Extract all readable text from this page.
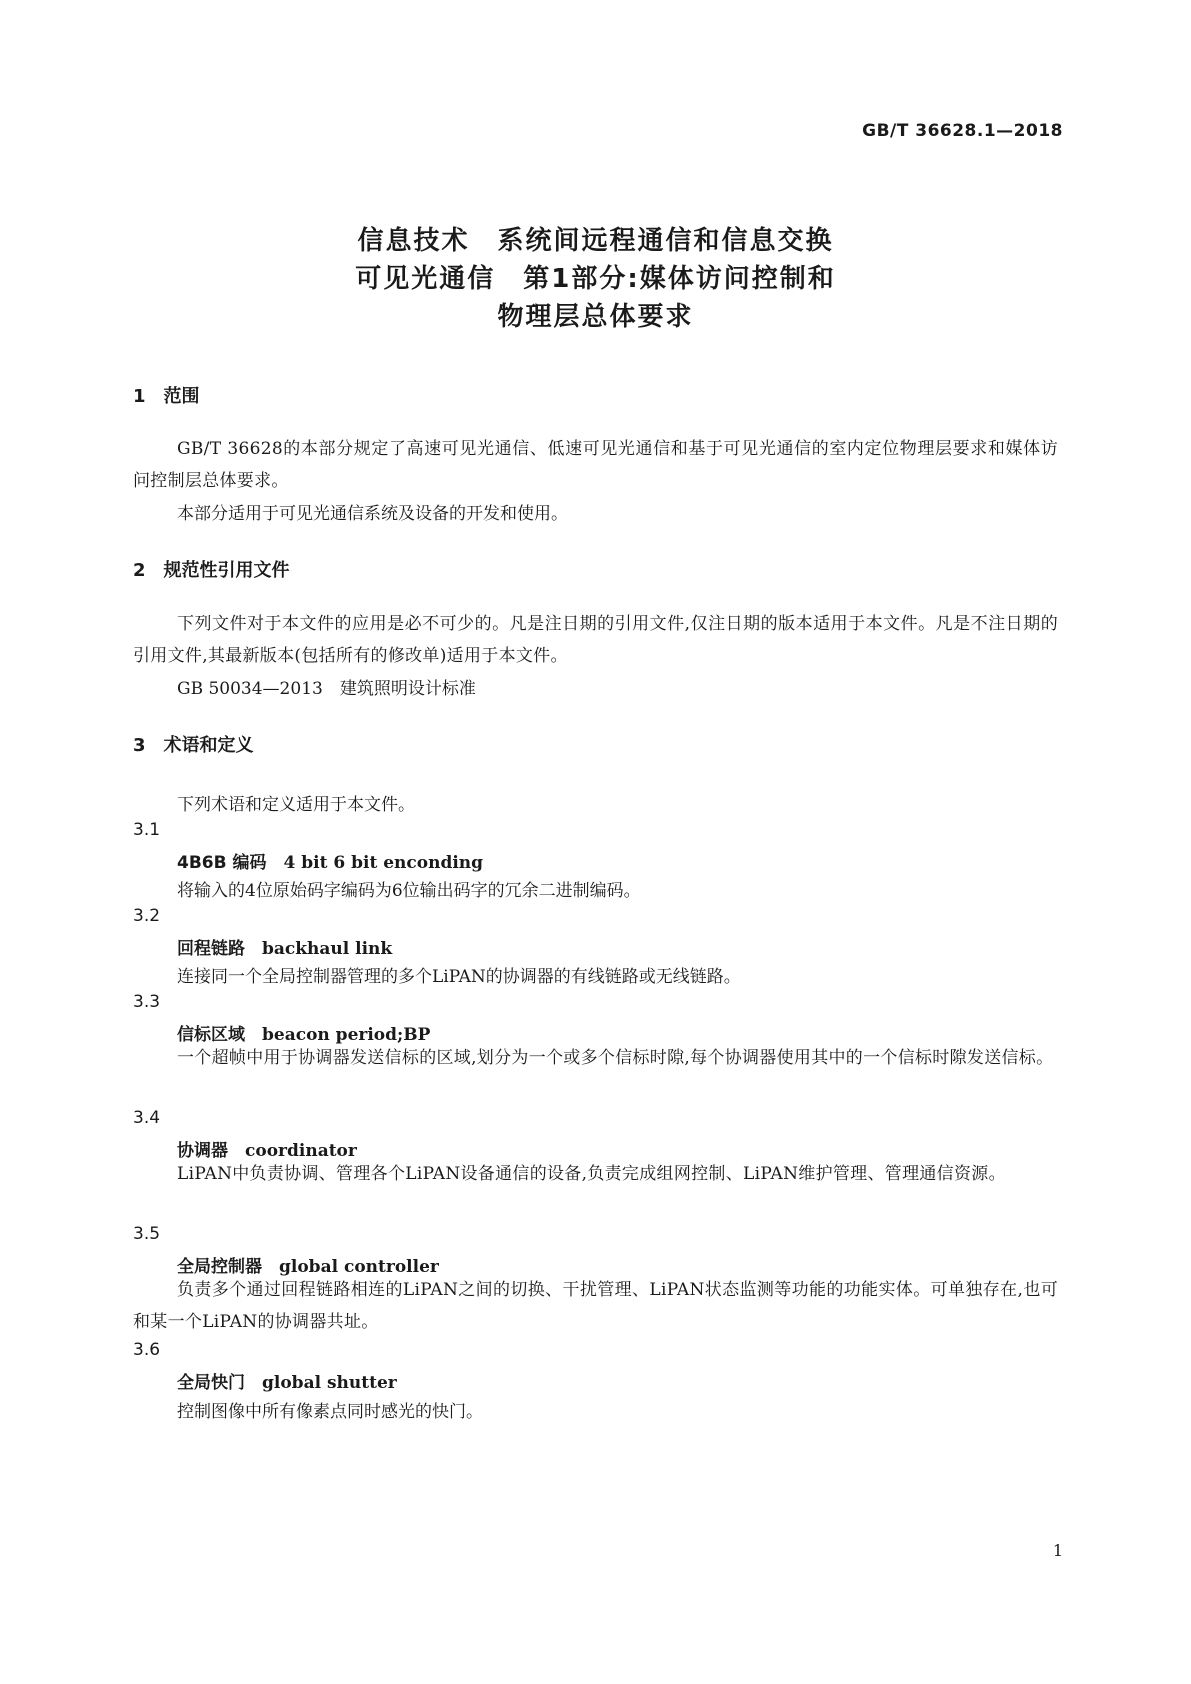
GB/T 36628.1—2018
信息技术　系统间远程通信和信息交换
可见光通信　第1部分:媒体访问控制和
物理层总体要求
1　范围
GB/T 36628的本部分规定了高速可见光通信、低速可见光通信和基于可见光通信的室内定位物理层要求和媒体访问控制层总体要求。
本部分适用于可见光通信系统及设备的开发和使用。
2　规范性引用文件
下列文件对于本文件的应用是必不可少的。凡是注日期的引用文件,仅注日期的版本适用于本文件。凡是不注日期的引用文件,其最新版本(包括所有的修改单)适用于本文件。
GB 50034—2013　建筑照明设计标准
3　术语和定义
下列术语和定义适用于本文件。
3.1
4B6B 编码　 4 bit 6 bit enconding
将输入的4位原始码字编码为6位输出码字的冗余二进制编码。
3.2
回程链路　 backhaul link
连接同一个全局控制器管理的多个LiPAN的协调器的有线链路或无线链路。
3.3
信标区域　 beacon period;BP
一个超帧中用于协调器发送信标的区域,划分为一个或多个信标时隙,每个协调器使用其中的一个信标时隙发送信标。
3.4
协调器　 coordinator
LiPAN中负责协调、管理各个LiPAN设备通信的设备,负责完成组网控制、LiPAN维护管理、管理通信资源。
3.5
全局控制器　 global controller
负责多个通过回程链路相连的LiPAN之间的切换、干扰管理、LiPAN状态监测等功能的功能实体。可单独存在,也可和某一个LiPAN的协调器共址。
3.6
全局快门　 global shutter
控制图像中所有像素点同时感光的快门。
1
